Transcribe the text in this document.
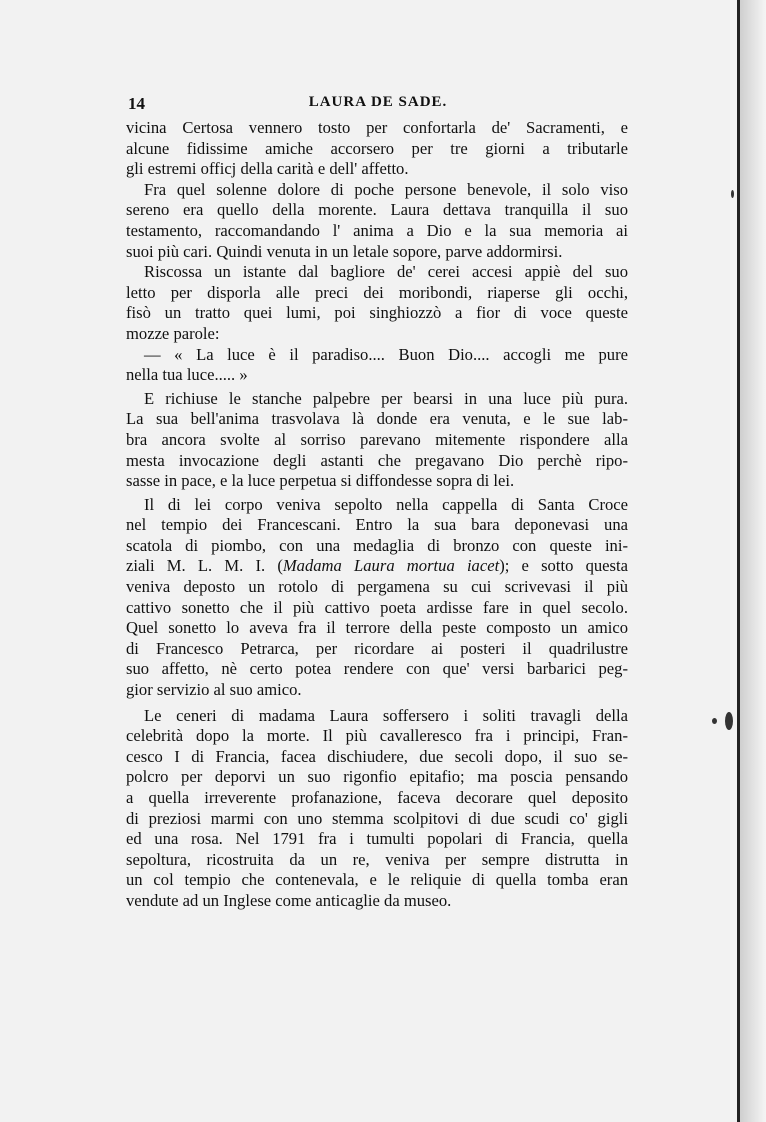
14	LAURA DE SADE.
vicina Certosa vennero tosto per confortarla de' Sacramenti, e
alcune fidissime amiche accorsero per tre giorni a tributarle
gli estremi officj della carità e dell' affetto.
Fra quel solenne dolore di poche persone benevole, il solo viso
sereno era quello della morente. Laura dettava tranquilla il suo
testamento, raccomandando l' anima a Dio e la sua memoria ai
suoi più cari. Quindi venuta in un letale sopore, parve addormirsi.
Riscossa un istante dal bagliore de' cerei accesi appiè del suo
letto per disporla alle preci dei moribondi, riaperse gli occhi,
fisò un tratto quei lumi, poi singhiozzò a fior di voce queste
mozze parole:
— « La luce è il paradiso.... Buon Dio.... accogli me pure
nella tua luce..... »
E richiuse le stanche palpebre per bearsi in una luce più pura.
La sua bell'anima trasvolava là donde era venuta, e le sue lab-
bra ancora svolte al sorriso parevano mitemente rispondere alla
mesta invocazione degli astanti che pregavano Dio perchè ripo-
sasse in pace, e la luce perpetua si diffondesse sopra di lei.
Il di lei corpo veniva sepolto nella cappella di Santa Croce
nel tempio dei Francescani. Entro la sua bara deponevasi una
scatola di piombo, con una medaglia di bronzo con queste ini-
ziali M. L. M. I. (Madama Laura mortua iacet); e sotto questa
veniva deposto un rotolo di pergamena su cui scrivevasi il più
cattivo sonetto che il più cattivo poeta ardisse fare in quel secolo.
Quel sonetto lo aveva fra il terrore della peste composto un amico
di Francesco Petrarca, per ricordare ai posteri il quadrilustre
suo affetto, nè certo potea rendere con que' versi barbarici peg-
gior servizio al suo amico.
Le ceneri di madama Laura soffersero i soliti travagli della
celebrità dopo la morte. Il più cavalleresco fra i principi, Fran-
cesco I di Francia, facea dischiudere, due secoli dopo, il suo se-
polcro per deporvi un suo rigonfio epitafio; ma poscia pensando
a quella irreverente profanazione, faceva decorare quel deposito
di preziosi marmi con uno stemma scolpitovi di due scudi co' gigli
ed una rosa. Nel 1791 fra i tumulti popolari di Francia, quella
sepoltura, ricostruita da un re, veniva per sempre distrutta in
un col tempio che contenevala, e le reliquie di quella tomba eran
vendute ad un Inglese come anticaglie da museo.
